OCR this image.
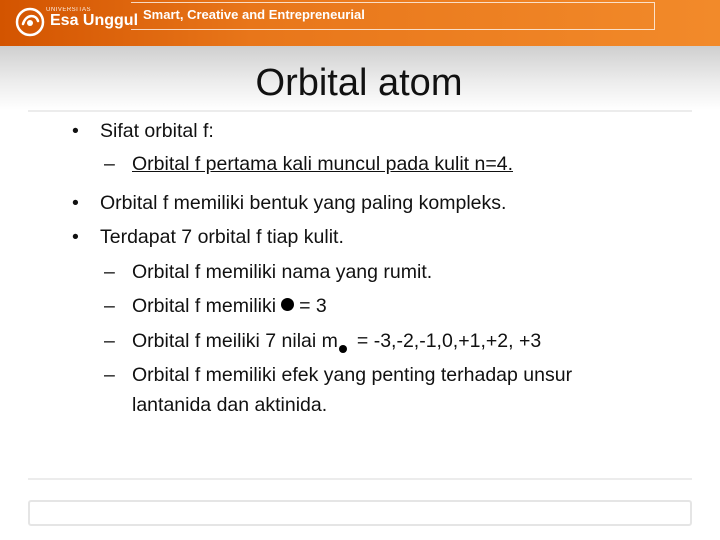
UNIVERSITAS
Esa Unggul Smart, Creative and Entrepreneurial
Orbital atom
• Sifat orbital f:
– Orbital f pertama kali muncul pada kulit n=4.
• Orbital f memiliki bentuk yang paling kompleks.
• Terdapat 7 orbital f tiap kulit.
– Orbital f memiliki nama yang rumit.
– Orbital f memiliki = 3
– Orbital f meiliki 7 nilai m = -3,-2,-1,0,+1,+2, +3
– Orbital f memiliki efek yang penting terhadap unsur
lantanida dan aktinida.
